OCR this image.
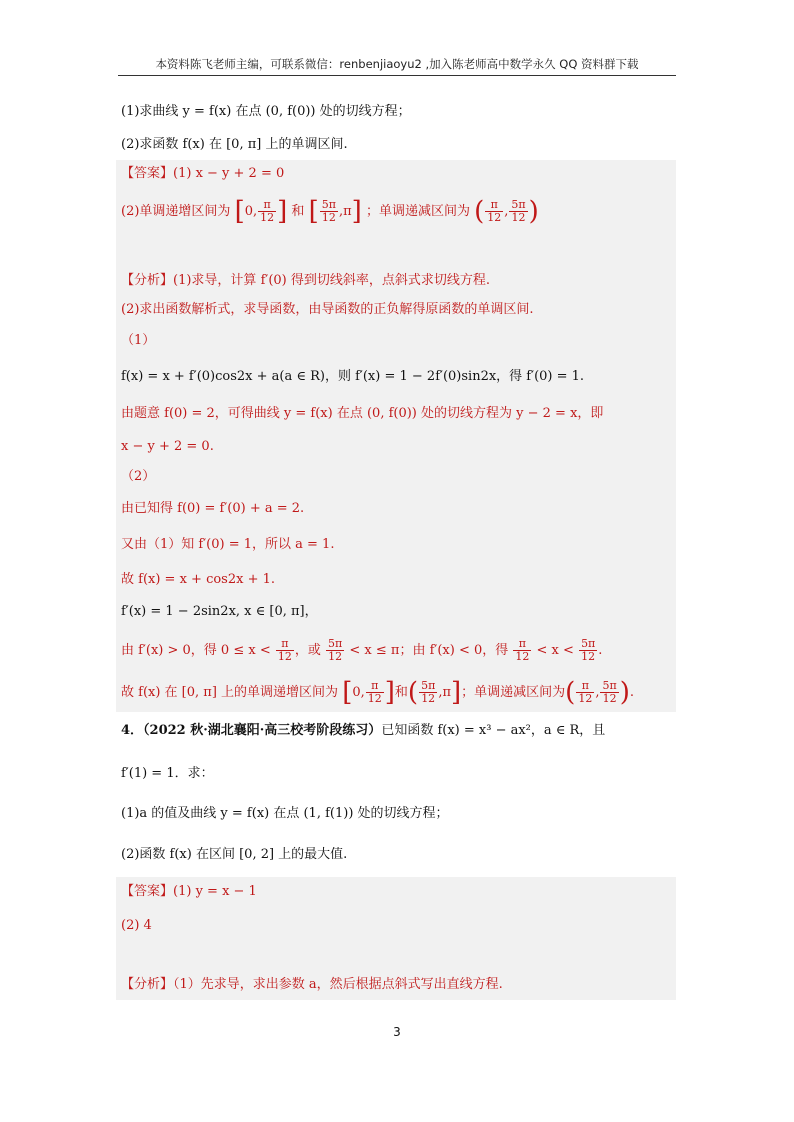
本资料陈飞老师主编，可联系微信：renbenjiaoyu2 ,加入陈老师高中数学永久 QQ 资料群下载
(1)求曲线 y = f(x) 在点 (0, f(0)) 处的切线方程；
(2)求函数 f(x) 在 [0, π] 上的单调区间.
【答案】(1) x − y + 2 = 0
(2)单调递增区间为 [0, $\frac{\pi}{12}$ ] 和 [ $\frac{5\pi}{12} ,\pi$] ；单调递减区间为 ( $\frac{\pi}{12}$ , $\frac{5\pi}{12}$ )
【分析】(1)求导，计算 f′(0) 得到切线斜率，点斜式求切线方程.
(2)求出函数解析式，求导函数，由导函数的正负解得原函数的单调区间.
（1）
f(x) = x + f′(0)cos2x + a(a ∈ R)，则 f′(x) = 1 − 2f′(0)sin2x，得 f′(0) = 1.
由题意 f(0) = 2，可得曲线 y = f(x) 在点 (0, f(0)) 处的切线方程为 y − 2 = x，即
x − y + 2 = 0.
（2）
由已知得 f(0) = f′(0) + a = 2.
又由（1）知 f′(0) = 1，所以 a = 1.
故 f(x) = x + cos2x + 1.
f′(x) = 1 − 2sin2x, x ∈ [0, π]，
由 f′(x) > 0，得 $0 \le x < \frac{\pi}{12}$ ，或 $\frac{5\pi}{12} < x \le \pi$；由 f′(x) < 0，得 $\frac{\pi}{12} < x < \frac{5\pi}{12}$ .
故 f(x) 在 [0, π] 上的单调递增区间为 [0, $\frac{\pi}{12}$ ]和( $\frac{5\pi}{12} ,\pi$]；单调递减区间为( $\frac{\pi}{12}$ , $\frac{5\pi}{12}$ ).
4．（2022 秋·湖北襄阳·高三校考阶段练习）已知函数 f(x) = x³ − ax²，a ∈ R，且
f′(1) = 1．求：
(1)a 的值及曲线 y = f(x) 在点 (1, f(1)) 处的切线方程；
(2)函数 f(x) 在区间 [0, 2] 上的最大值.
【答案】(1) y = x − 1
(2) 4
【分析】（1）先求导，求出参数 a，然后根据点斜式写出直线方程.
3
